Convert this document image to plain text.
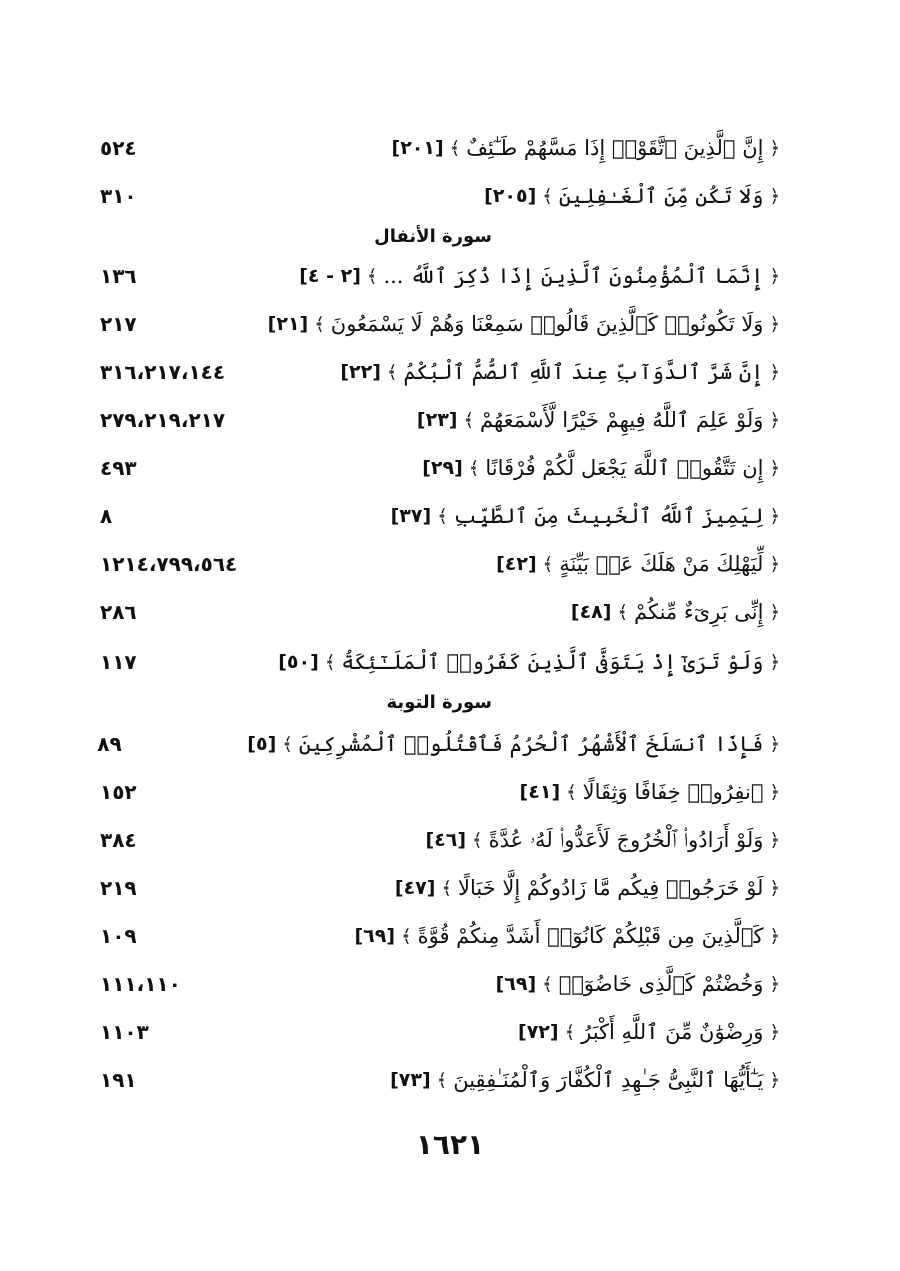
﴿
إِنَّ ٱلَّذِينَ ٱتَّقَوْا۟ إِذَا مَسَّهُمْ طَـٰٓئِفٌ
﴾
[٢٠١]
٥٢٤
﴿
وَلَا تَكُن مِّنَ ٱلْغَـٰفِلِينَ
﴾
[٢٠٥]
٣١٠
سورة الأنفال
﴿
إِنَّمَا ٱلْمُؤْمِنُونَ ٱلَّذِينَ إِذَا ذُكِرَ ٱللَّهُ ...
﴾
[٢ - ٤]
١٣٦
﴿
وَلَا تَكُونُوا۟ كَٱلَّذِينَ قَالُوا۟ سَمِعْنَا وَهُمْ لَا يَسْمَعُونَ
﴾
[٢١]
٢١٧
﴿
إِنَّ شَرَّ ٱلدَّوَآبِّ عِندَ ٱللَّهِ ٱلصُّمُّ ٱلْبُكْمُ
﴾
[٢٢]
٣١٦،٢١٧،١٤٤
﴿
وَلَوْ عَلِمَ ٱللَّهُ فِيهِمْ خَيْرًا لَّأَسْمَعَهُمْ
﴾
[٢٣]
٢٧٩،٢١٩،٢١٧
﴿
إِن تَتَّقُوا۟ ٱللَّهَ يَجْعَل لَّكُمْ فُرْقَانًا
﴾
[٢٩]
٤٩٣
﴿
لِيَمِيزَ ٱللَّهُ ٱلْخَبِيثَ مِنَ ٱلطَّيِّبِ
﴾
[٣٧]
٨
﴿
لِّيَهْلِكَ مَنْ هَلَكَ عَنۢ بَيِّنَةٍ
﴾
[٤٢]
١٢١٤،٧٩٩،٥٦٤
﴿
إِنِّى بَرِىٓءٌ مِّنكُمْ
﴾
[٤٨]
٢٨٦
﴿
وَلَوْ تَرَىٰٓ إِذْ يَتَوَفَّى ٱلَّذِينَ كَفَرُوا۟ ٱلْمَلَـٰٓئِكَةُ
﴾
[٥٠]
١١٧
سورة التوبة
﴿
فَإِذَا ٱنسَلَخَ ٱلْأَشْهُرُ ٱلْحُرُمُ فَٱقْتُلُوا۟ ٱلْمُشْرِكِينَ
﴾
[٥]
٨٩
﴿
ٱنفِرُوا۟ خِفَافًا وَثِقَالًا
﴾
[٤١]
١٥٢
﴿
وَلَوْ أَرَادُوا۟ ٱلْخُرُوجَ لَأَعَدُّوا۟ لَهُۥ عُدَّةً
﴾
[٤٦]
٣٨٤
﴿
لَوْ خَرَجُوا۟ فِيكُم مَّا زَادُوكُمْ إِلَّا خَبَالًا
﴾
[٤٧]
٢١٩
﴿
كَٱلَّذِينَ مِن قَبْلِكُمْ كَانُوٓا۟ أَشَدَّ مِنكُمْ قُوَّةً
﴾
[٦٩]
١٠٩
﴿
وَخُضْتُمْ كَٱلَّذِى خَاضُوٓا۟
﴾
[٦٩]
١١١،١١٠
﴿
وَرِضْوَٰنٌ مِّنَ ٱللَّهِ أَكْبَرُ
﴾
[٧٢]
١١٠٣
﴿
يَـٰٓأَيُّهَا ٱلنَّبِىُّ جَـٰهِدِ ٱلْكُفَّارَ وَٱلْمُنَـٰفِقِينَ
﴾
[٧٣]
١٩١
١٦٢١
